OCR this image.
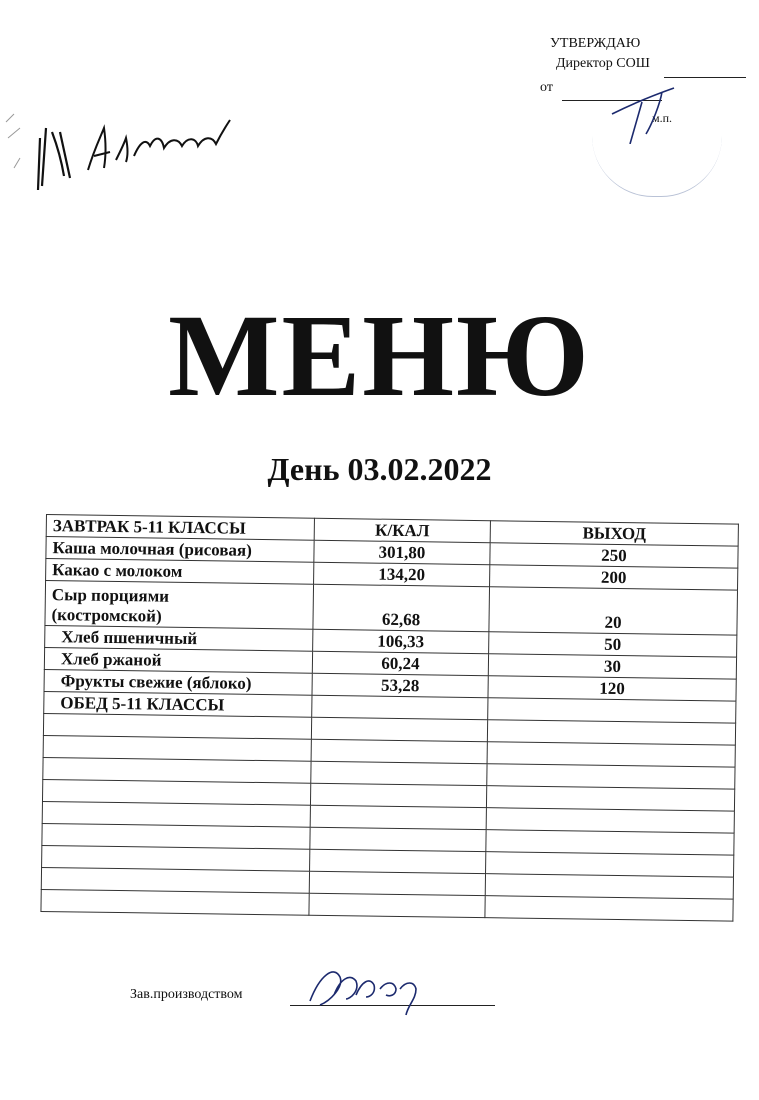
УТВЕРЖДАЮ
Директор СОШ
от
м.п.
МЕНЮ
День 03.02.2022
ЗАВТРАК 5-11 КЛАССЫ	К/КАЛ	ВЫХОД
Каша молочная (рисовая)	301,80	250
Какао с молоком	134,20	200
Сыр порциями
(костромской)	62,68	20
Хлеб пшеничный	106,33	50
Хлеб ржаной	60,24	30
Фрукты свежие (яблоко)	53,28	120
ОБЕД 5-11 КЛАССЫ		

Зав.производством
